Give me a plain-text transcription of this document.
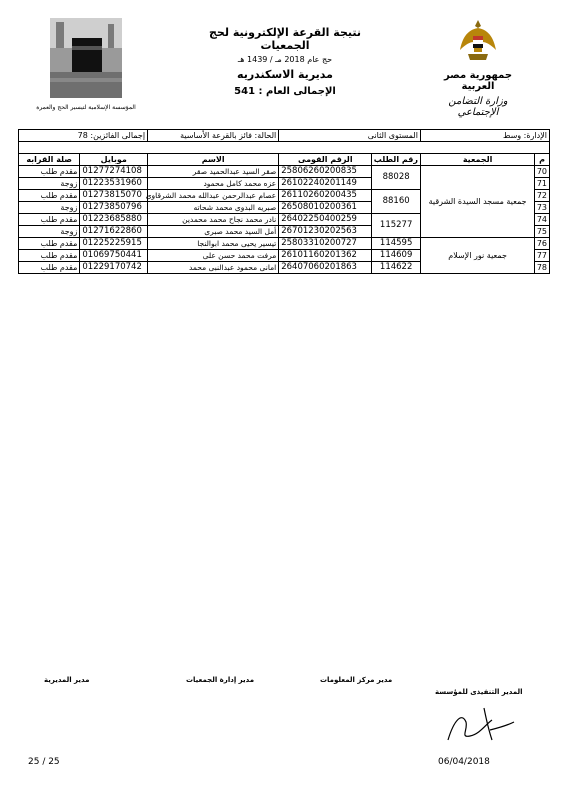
نتيجة القرعة الإلكترونية لحج الجمعيات
حج عام 2018 مـ / 1439 هـ
مديرية الاسكندريه
الإجمالى العام : 541
المؤسسة الإسلامية لتيسير الحج والعمرة
جمهورية مصر العربية
وزارة التضامن الإجتماعي
الإدارة: وسط		المستوى الثانى		الحالة: فائز بالقرعة الأساسية	إجمالى الفائزين: 78	

م	الجمعية	رقم الطلب	الرقم القومى	الاسم	موبايل	صلة القرابه
70	جمعية مسجد السيدة الشرقية	88028	25806260200835	صقر السيد عبدالحميد صقر	01277274108	مقدم طلب
71			26102240201149	عزه محمد كامل محمود	01223531960	زوجة
72		88160	26110260200435	عصام عبدالرحمن عبدالله محمد الشرقاوى	01273815070	مقدم طلب
73			26508010200361	صبريه البدوى محمد شحاته	01273850796	زوجة
74		115277	26402250400259	نادر محمد نجاح محمد محمدين	01223685880	مقدم طلب
75			26701230202563	أمل السيد محمد صبرى	01271622860	زوجة
76	جمعية نور الإسلام	114595	25803310200727	تيسير يحيى محمد ابوالنجا	01225225915	مقدم طلب
77		114609	26101160201362	مرفت محمد حسن على	01069750441	مقدم طلب
78		114622	26407060201863	امانى محمود عبدالنبى محمد	01229170742	مقدم طلب
مدير المديرية	مدير إدارة الجمعيات	مدير مركز المعلومات
المدير التنفيذى للمؤسسة
25 / 25	06/04/2018
